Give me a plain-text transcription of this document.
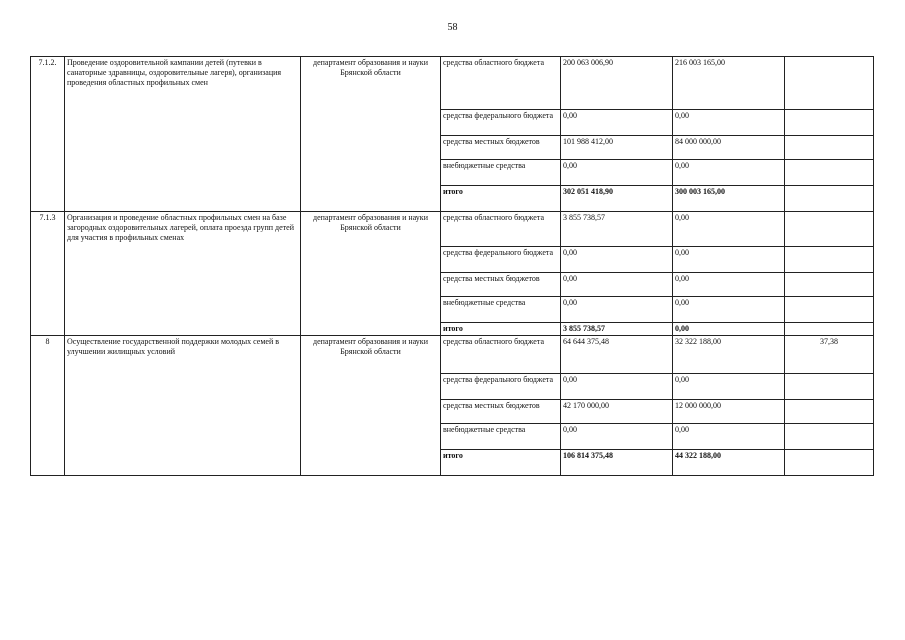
58
7.1.2.	Проведение оздоровительной кампании детей (путевки в санаторные здравницы, оздоровительные лагеря), организация проведения областных профильных смен	департамент образования и науки Брянской области	средства областного бюджета	200 063 006,90	216 003 165,00	
			средства федерального бюджета	0,00	0,00	
			средства местных бюджетов	101 988 412,00	84 000 000,00	
			внебюджетные средства	0,00	0,00	
			итого	302 051 418,90	300 003 165,00	
7.1.3	Организация и проведение областных профильных смен на базе загородных оздоровительных лагерей, оплата проезда групп детей для участия в профильных сменах	департамент образования и науки Брянской области	средства областного бюджета	3 855 738,57	0,00	
			средства федерального бюджета	0,00	0,00	
			средства местных бюджетов	0,00	0,00	
			внебюджетные средства	0,00	0,00	
			итого	3 855 738,57	0,00	
8	Осуществление государственной поддержки молодых семей в улучшении жилищных условий	департамент образования и науки Брянской области	средства областного бюджета	64 644 375,48	32 322 188,00	37,38
			средства федерального бюджета	0,00	0,00	
			средства местных бюджетов	42 170 000,00	12 000 000,00	
			внебюджетные средства	0,00	0,00	
			итого	106 814 375,48	44 322 188,00	
